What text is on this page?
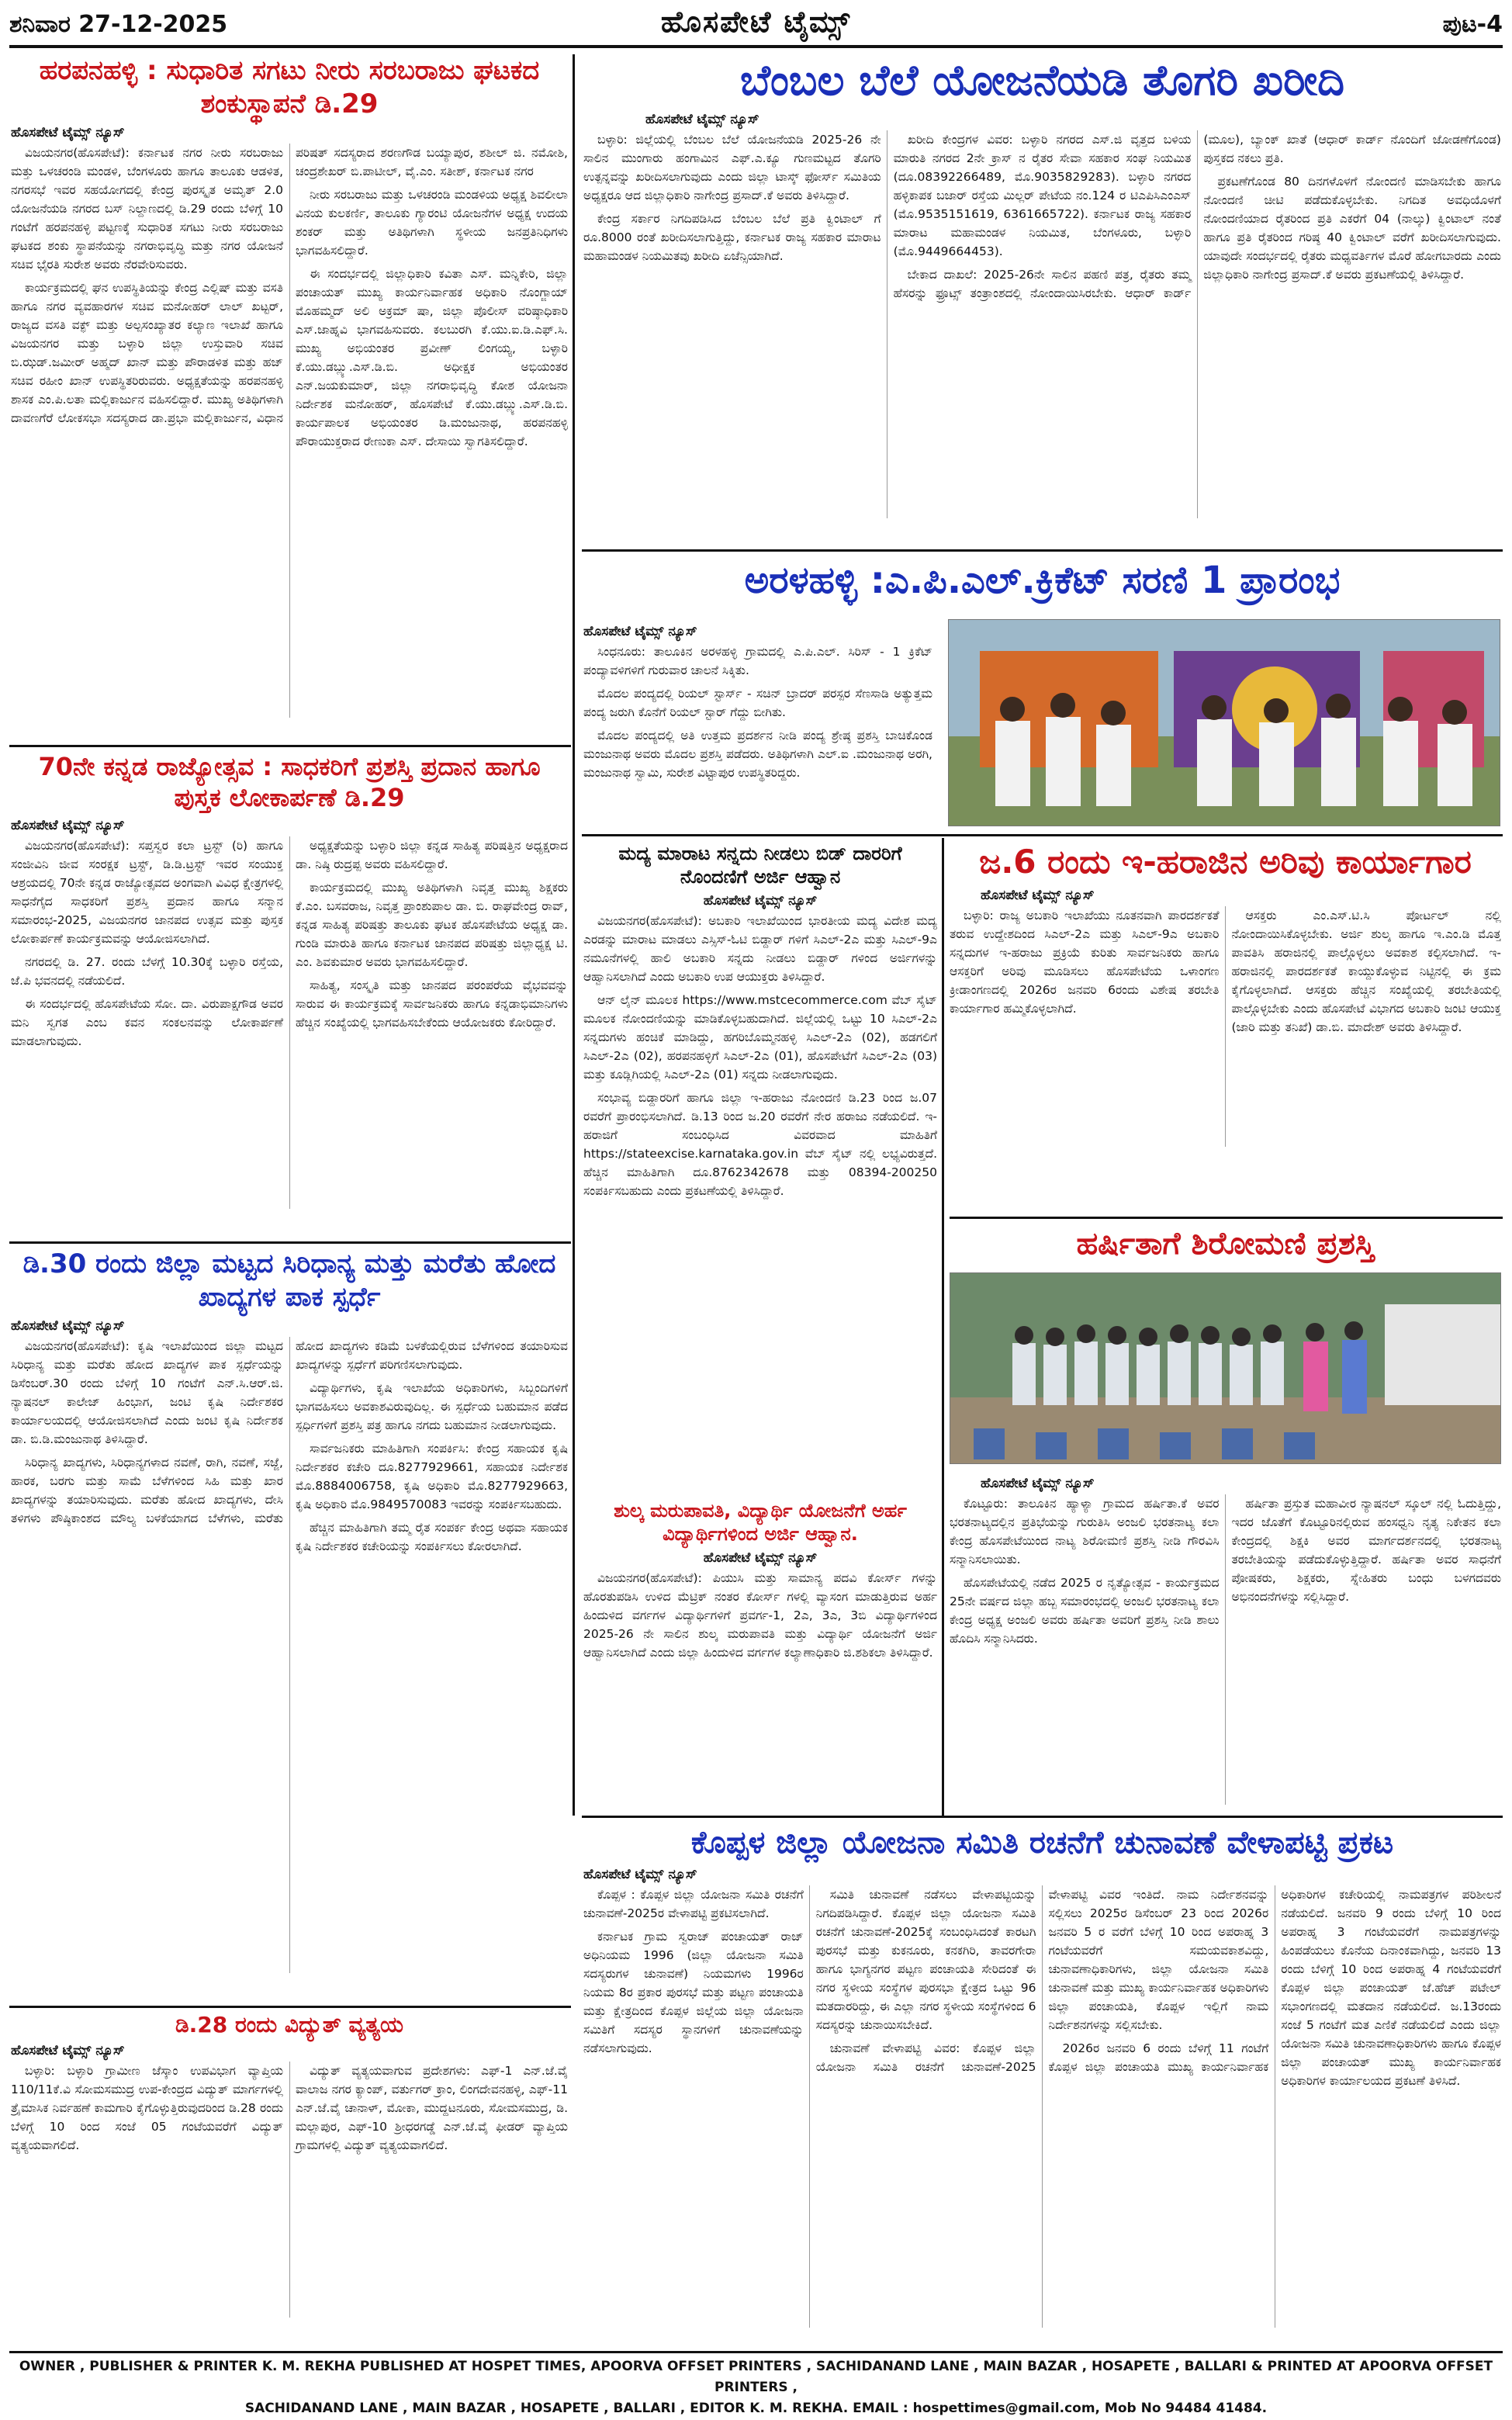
ಶನಿವಾರ 27-12-2025	ಹೊಸಪೇಟೆ ಟೈಮ್ಸ್	ಪುಟ-4
ಹರಪನಹಳ್ಳಿ : ಸುಧಾರಿತ ಸಗಟು ನೀರು ಸರಬರಾಜು ಘಟಕದ ಶಂಕುಸ್ಥಾಪನೆ ಡಿ.29
ಹೊಸಪೇಟೆ ಟೈಮ್ಸ್ ನ್ಯೂಸ್

ವಿಜಯನಗರ(ಹೊಸಪೇಟೆ): ಕರ್ನಾಟಕ ನಗರ ನೀರು ಸರಬರಾಜು ಮತ್ತು ಒಳಚರಂಡಿ ಮಂಡಳಿ, ಬೆಂಗಳೂರು ಹಾಗೂ ತಾಲೂಕು ಆಡಳಿತ, ನಗರಸಭೆ ಇವರ ಸಹಯೋಗದಲ್ಲಿ ಕೇಂದ್ರ ಪುರಸ್ಕೃತ ಅಮೃತ್ 2.0 ಯೋಜನೆಯಡಿ ನಗರದ ಬಸ್ ನಿಲ್ದಾಣದಲ್ಲಿ ಡಿ.29 ರಂದು ಬೆಳಿಗ್ಗೆ 10 ಗಂಟೆಗೆ ಹರಪನಹಳ್ಳಿ ಪಟ್ಟಣಕ್ಕೆ ಸುಧಾರಿತ ಸಗಟು ನೀರು ಸರಬರಾಜು ಘಟಕದ ಶಂಕು ಸ್ಥಾಪನೆಯನ್ನು ನಗರಾಭಿವೃದ್ಧಿ ಮತ್ತು ನಗರ ಯೋಜನೆ ಸಚಿವ ಭೈರತಿ ಸುರೇಶ ಅವರು ನೆರವೇರಿಸುವರು.

ಕಾರ್ಯಕ್ರಮದಲ್ಲಿ ಘನ ಉಪಸ್ಥಿತಿಯನ್ನು ಕೇಂದ್ರ ಎಲ್ಲಿಷ್ ಮತ್ತು ವಸತಿ ಹಾಗೂ ನಗರ ವ್ಯವಹಾರಗಳ ಸಚಿವ ಮನೋಹರ್ ಲಾಲ್ ಖಟ್ಟರ್, ರಾಜ್ಯದ ವಸತಿ ವಕ್ಫ್ ಮತ್ತು ಅಲ್ಪಸಂಖ್ಯಾತರ ಕಲ್ಯಾಣ ಇಲಾಖೆ ಹಾಗೂ ವಿಜಯನಗರ ಮತ್ತು ಬಳ್ಳಾರಿ ಜಿಲ್ಲಾ ಉಸ್ತುವಾರಿ ಸಚಿವ ಬಿ.ಝಡ್.ಜಮೀರ್ ಅಹ್ಮದ್ ಖಾನ್ ಮತ್ತು ಪೌರಾಡಳಿತ ಮತ್ತು ಹಜ್ ಸಚಿವ ರಹೀಂ ಖಾನ್ ಉಪಸ್ಥಿತರಿರುವರು. ಅಧ್ಯಕ್ಷತೆಯನ್ನು ಹರಪನಹಳ್ಳಿ ಶಾಸಕ ಎಂ.ಪಿ.ಲತಾ ಮಲ್ಲಿಕಾರ್ಜುನ ವಹಿಸಲಿದ್ದಾರೆ. ಮುಖ್ಯ ಅತಿಥಿಗಳಾಗಿ ದಾವಣಗೆರೆ ಲೋಕಸಭಾ ಸದಸ್ಯರಾದ ಡಾ.ಪ್ರಭಾ ಮಲ್ಲಿಕಾರ್ಜುನ, ವಿಧಾನ ಪರಿಷತ್ ಸದಸ್ಯರಾದ ಶರಣಗೌಡ ಬಯ್ಯಾಪುರ, ಶಶೀಲ್ ಜಿ. ನಮೋಶಿ, ಚಂದ್ರಶೇಖರ್ ಬಿ.ಪಾಟೀಲ್, ವೈ.ಎಂ. ಸತೀಶ್, ಕರ್ನಾಟಕ ನಗರ

ನೀರು ಸರಬರಾಜು ಮತ್ತು ಒಳಚರಂಡಿ ಮಂಡಳಿಯ ಅಧ್ಯಕ್ಷ ಶಿವಲೀಲಾ ವಿನಯ ಕುಲಕರ್ಣಿ, ತಾಲೂಕು ಗ್ಯಾರಂಟಿ ಯೋಜನೆಗಳ ಅಧ್ಯಕ್ಷ ಉದಯ ಶಂಕರ್ ಮತ್ತು ಅತಿಥಿಗಳಾಗಿ ಸ್ಥಳೀಯ ಜನಪ್ರತಿನಿಧಿಗಳು ಭಾಗವಹಿಸಲಿದ್ದಾರೆ.

ಈ ಸಂದರ್ಭದಲ್ಲಿ ಜಿಲ್ಲಾಧಿಕಾರಿ ಕವಿತಾ ಎಸ್. ಮನ್ನಿಕೇರಿ, ಜಿಲ್ಲಾ ಪಂಚಾಯತ್ ಮುಖ್ಯ ಕಾರ್ಯನಿರ್ವಾಹಕ ಅಧಿಕಾರಿ ನೊಂಗ್ಜಾಯ್ ಮೊಹಮ್ಮದ್ ಅಲಿ ಅಕ್ರಮ್ ಷಾ, ಜಿಲ್ಲಾ ಪೊಲೀಸ್ ವರಿಷ್ಠಾಧಿಕಾರಿ ಎಸ್.ಜಾಹ್ನವಿ ಭಾಗವಹಿಸುವರು. ಕಲಬುರಗಿ ಕೆ.ಯು.ಐ.ಡಿ.ಎಫ್.ಸಿ. ಮುಖ್ಯ ಅಭಿಯಂತರ ಪ್ರವೀಣ್ ಲಿಂಗಯ್ಯ, ಬಳ್ಳಾರಿ ಕೆ.ಯು.ಡಬ್ಲ್ಯು.ಎಸ್.ಡಿ.ಬಿ. ಅಧೀಕ್ಷಕ ಅಭಿಯಂತರ ಎನ್.ಜಯಕುಮಾರ್, ಜಿಲ್ಲಾ ನಗರಾಭಿವೃದ್ಧಿ ಕೋಶ ಯೋಜನಾ ನಿರ್ದೇಶಕ ಮನೋಹರ್, ಹೊಸಪೇಟೆ ಕೆ.ಯು.ಡಬ್ಲ್ಯು.ಎಸ್.ಡಿ.ಬಿ. ಕಾರ್ಯಪಾಲಕ ಅಭಿಯಂತರ ಡಿ.ಮಂಜುನಾಥ, ಹರಪನಹಳ್ಳಿ ಪೌರಾಯುಕ್ತರಾದ ರೇಣುಕಾ ಎಸ್. ದೇಸಾಯಿ ಸ್ವಾಗತಿಸಲಿದ್ದಾರೆ.

70ನೇ ಕನ್ನಡ ರಾಜ್ಯೋತ್ಸವ : ಸಾಧಕರಿಗೆ ಪ್ರಶಸ್ತಿ ಪ್ರದಾನ ಹಾಗೂ ಪುಸ್ತಕ ಲೋಕಾರ್ಪಣೆ ಡಿ.29
ಹೊಸಪೇಟೆ ಟೈಮ್ಸ್ ನ್ಯೂಸ್

ವಿಜಯನಗರ(ಹೊಸಪೇಟೆ): ಸಪ್ತಸ್ವರ ಕಲಾ ಟ್ರಸ್ಟ್ (ರಿ) ಹಾಗೂ ಸಂಜೀವಿನಿ ಜೀವ ಸಂರಕ್ಷಕ ಟ್ರಸ್ಟ್, ಡಿ.ಡಿ.ಟ್ರಸ್ಟ್ ಇವರ ಸಂಯುಕ್ತ ಆಶ್ರಯದಲ್ಲಿ 70ನೇ ಕನ್ನಡ ರಾಜ್ಯೋತ್ಸವದ ಅಂಗವಾಗಿ ವಿವಿಧ ಕ್ಷೇತ್ರಗಳಲ್ಲಿ ಸಾಧನೆಗೈದ ಸಾಧಕರಿಗೆ ಪ್ರಶಸ್ತಿ ಪ್ರದಾನ ಹಾಗೂ ಸನ್ಮಾನ ಸಮಾರಂಭ-2025, ವಿಜಯನಗರ ಜಾನಪದ ಉತ್ಸವ ಮತ್ತು ಪುಸ್ತಕ ಲೋಕಾರ್ಪಣೆ ಕಾರ್ಯಕ್ರಮವನ್ನು ಆಯೋಜಿಸಲಾಗಿದೆ.

ನಗರದಲ್ಲಿ ಡಿ. 27. ರಂದು ಬೆಳಗ್ಗೆ 10.30ಕ್ಕೆ ಬಳ್ಳಾರಿ ರಸ್ತೆಯ, ಜೆ.ಪಿ ಭವನದಲ್ಲಿ ನಡೆಯಲಿದೆ.

ಈ ಸಂದರ್ಭದಲ್ಲಿ ಹೊಸಪೇಟೆಯ ಸೋ. ದಾ. ವಿರುಪಾಕ್ಷಗೌಡ ಅವರ ಮನಿ ಸ್ವಗತ ಎಂಬ ಕವನ ಸಂಕಲನವನ್ನು ಲೋಕಾರ್ಪಣೆ ಮಾಡಲಾಗುವುದು.

ಅಧ್ಯಕ್ಷತೆಯನ್ನು ಬಳ್ಳಾರಿ ಜಿಲ್ಲಾ ಕನ್ನಡ ಸಾಹಿತ್ಯ ಪರಿಷತ್ತಿನ ಅಧ್ಯಕ್ಷರಾದ ಡಾ. ನಿಷ್ಠಿ ರುದ್ರಪ್ಪ ಅವರು ವಹಿಸಲಿದ್ದಾರೆ.

ಕಾರ್ಯಕ್ರಮದಲ್ಲಿ ಮುಖ್ಯ ಅತಿಥಿಗಳಾಗಿ ನಿವೃತ್ತ ಮುಖ್ಯ ಶಿಕ್ಷಕರು ಕೆ.ಎಂ. ಬಸವರಾಜ, ನಿವೃತ್ತ ಪ್ರಾಂಶುಪಾಲ ಡಾ. ಬಿ. ರಾಘವೇಂದ್ರ ರಾವ್, ಕನ್ನಡ ಸಾಹಿತ್ಯ ಪರಿಷತ್ತು ತಾಲೂಕು ಘಟಕ ಹೊಸಪೇಟೆಯ ಅಧ್ಯಕ್ಷ ಡಾ. ಗುಂಡಿ ಮಾರುತಿ ಹಾಗೂ ಕರ್ನಾಟಕ ಜಾನಪದ ಪರಿಷತ್ತು ಜಿಲ್ಲಾಧ್ಯಕ್ಷ ಟಿ. ಎಂ. ಶಿವಕುಮಾರ ಅವರು ಭಾಗವಹಿಸಲಿದ್ದಾರೆ.

ಸಾಹಿತ್ಯ, ಸಂಸ್ಕೃತಿ ಮತ್ತು ಜಾನಪದ ಪರಂಪರೆಯ ವೈಭವವನ್ನು ಸಾರುವ ಈ ಕಾರ್ಯಕ್ರಮಕ್ಕೆ ಸಾರ್ವಜನಿಕರು ಹಾಗೂ ಕನ್ನಡಾಭಿಮಾನಿಗಳು ಹೆಚ್ಚಿನ ಸಂಖ್ಯೆಯಲ್ಲಿ ಭಾಗವಹಿಸಬೇಕೆಂದು ಆಯೋಜಕರು ಕೋರಿದ್ದಾರೆ.

ಡಿ.30 ರಂದು ಜಿಲ್ಲಾ ಮಟ್ಟದ ಸಿರಿಧಾನ್ಯ ಮತ್ತು ಮರೆತು ಹೋದ ಖಾದ್ಯಗಳ ಪಾಕ ಸ್ಪರ್ಧೆ
ಹೊಸಪೇಟೆ ಟೈಮ್ಸ್ ನ್ಯೂಸ್

ವಿಜಯನಗರ(ಹೊಸಪೇಟೆ): ಕೃಷಿ ಇಲಾಖೆಯಿಂದ ಜಿಲ್ಲಾ ಮಟ್ಟದ ಸಿರಿಧಾನ್ಯ ಮತ್ತು ಮರೆತು ಹೋದ ಖಾದ್ಯಗಳ ಪಾಕ ಸ್ಪರ್ಧೆಯನ್ನು ಡಿಸೆಂಬರ್.30 ರಂದು ಬೆಳಿಗ್ಗೆ 10 ಗಂಟೆಗೆ ಎನ್.ಸಿ.ಆರ್.ಜಿ. ನ್ಯಾಷನಲ್ ಕಾಲೇಜ್ ಹಿಂಭಾಗ, ಜಂಟಿ ಕೃಷಿ ನಿರ್ದೇಶಕರ ಕಾರ್ಯಾಲಯದಲ್ಲಿ ಆಯೋಜಿಸಲಾಗಿದೆ ಎಂದು ಜಂಟಿ ಕೃಷಿ ನಿರ್ದೇಶಕ ಡಾ. ಬಿ.ಡಿ.ಮಂಜುನಾಥ ತಿಳಿಸಿದ್ದಾರೆ.

ಸಿರಿಧಾನ್ಯ ಖಾದ್ಯಗಳು, ಸಿರಿಧಾನ್ಯಗಳಾದ ನವಣೆ, ರಾಗಿ, ನವಣೆ, ಸಜ್ಜೆ, ಹಾರಕ, ಬರಗು ಮತ್ತು ಸಾಮೆ ಬೆಳೆಗಳಿಂದ ಸಿಹಿ ಮತ್ತು ಖಾರ ಖಾದ್ಯಗಳನ್ನು ತಯಾರಿಸುವುದು. ಮರೆತು ಹೋದ ಖಾದ್ಯಗಳು, ದೇಸಿ ತಳಿಗಳು ಪೌಷ್ಠಿಕಾಂಶದ ಮೌಲ್ಯ ಬಳಕೆಯಾಗದ ಬೆಳೆಗಳು, ಮರೆತು ಹೋದ ಖಾದ್ಯಗಳು ಕಡಿಮೆ ಬಳಕೆಯಲ್ಲಿರುವ ಬೆಳೆಗಳಿಂದ ತಯಾರಿಸುವ ಖಾದ್ಯಗಳನ್ನು ಸ್ಪರ್ಧೆಗೆ ಪರಿಗಣಿಸಲಾಗುವುದು.

ವಿದ್ಯಾರ್ಥಿಗಳು, ಕೃಷಿ ಇಲಾಖೆಯ ಅಧಿಕಾರಿಗಳು, ಸಿಬ್ಬಂದಿಗಳಿಗೆ ಭಾಗವಹಿಸಲು ಅವಕಾಶವಿರುವುದಿಲ್ಲ. ಈ ಸ್ಪರ್ಧೆಯ ಬಹುಮಾನ ಪಡೆದ ಸ್ಪರ್ಧಿಗಳಿಗೆ ಪ್ರಶಸ್ತಿ ಪತ್ರ ಹಾಗೂ ನಗದು ಬಹುಮಾನ ನೀಡಲಾಗುವುದು.

ಸಾರ್ವಜನಿಕರು ಮಾಹಿತಿಗಾಗಿ ಸಂಪರ್ಕಿಸಿ: ಕೇಂದ್ರ ಸಹಾಯಕ ಕೃಷಿ ನಿರ್ದೇಶಕರ ಕಚೇರಿ ದೂ.8277929661, ಸಹಾಯಕ ನಿರ್ದೇಶಕ ಮೊ.8884006758, ಕೃಷಿ ಅಧಿಕಾರಿ ಮೊ.8277929663, ಕೃಷಿ ಅಧಿಕಾರಿ ಮೊ.9849570083 ಇವರನ್ನು ಸಂಪರ್ಕಿಸಬಹುದು.

ಹೆಚ್ಚಿನ ಮಾಹಿತಿಗಾಗಿ ತಮ್ಮ ರೈತ ಸಂಪರ್ಕ ಕೇಂದ್ರ ಅಥವಾ ಸಹಾಯಕ ಕೃಷಿ ನಿರ್ದೇಶಕರ ಕಚೇರಿಯನ್ನು ಸಂಪರ್ಕಿಸಲು ಕೋರಲಾಗಿದೆ.

ಡಿ.28 ರಂದು ವಿದ್ಯುತ್ ವ್ಯತ್ಯಯ
ಹೊಸಪೇಟೆ ಟೈಮ್ಸ್ ನ್ಯೂಸ್

ಬಳ್ಳಾರಿ: ಬಳ್ಳಾರಿ ಗ್ರಾಮೀಣ ಜೆಸ್ಕಾಂ ಉಪವಿಭಾಗ ವ್ಯಾಪ್ತಿಯ 110/11ಕೆ.ವಿ ಸೋಮಸಮುದ್ರ ಉಪ-ಕೇಂದ್ರದ ವಿದ್ಯುತ್ ಮಾರ್ಗಗಳಲ್ಲಿ ತ್ರೈಮಾಸಿಕ ನಿರ್ವಹಣೆ ಕಾಮಗಾರಿ ಕೈಗೊಳ್ಳುತ್ತಿರುವುದರಿಂದ ಡಿ.28 ರಂದು ಬೆಳಿಗ್ಗೆ 10 ರಿಂದ ಸಂಜೆ 05 ಗಂಟೆಯವರೆಗೆ ವಿದ್ಯುತ್ ವ್ಯತ್ಯಯವಾಗಲಿದೆ.

ವಿದ್ಯುತ್ ವ್ಯತ್ಯಯವಾಗುವ ಪ್ರದೇಶಗಳು: ಎಫ್-1 ಎನ್.ಜೆ.ವೈ ವಾಲಾಜ ನಗರ ಕ್ಯಾಂಪ್, ವರ್ತುಗರ್ ಕ್ರಾಂ, ಲಿಂಗದೇವನಹಳ್ಳಿ, ಎಫ್-11 ಎನ್.ಜೆ.ವೈ ಚಾನಾಳ್, ಮೋಕಾ, ಮುದ್ದಟನೂರು, ಸೋಮಸಮುದ್ರ, ಡಿ. ಮಲ್ಲಾಪುರ, ಎಫ್-10 ಶ್ರೀಧರಗಡ್ಡೆ ಎನ್.ಜೆ.ವೈ ಫೀಡರ್ ವ್ಯಾಪ್ತಿಯ ಗ್ರಾಮಗಳಲ್ಲಿ ವಿದ್ಯುತ್ ವ್ಯತ್ಯಯವಾಗಲಿದೆ.

ಬೆಂಬಲ ಬೆಲೆ ಯೋಜನೆಯಡಿ ತೊಗರಿ ಖರೀದಿ
ಹೊಸಪೇಟೆ ಟೈಮ್ಸ್ ನ್ಯೂಸ್

ಬಳ್ಳಾರಿ: ಜಿಲ್ಲೆಯಲ್ಲಿ ಬೆಂಬಲ ಬೆಲೆ ಯೋಜನೆಯಡಿ 2025-26 ನೇ ಸಾಲಿನ ಮುಂಗಾರು ಹಂಗಾಮಿನ ಎಫ್.ಎ.ಕ್ಯೂ ಗುಣಮಟ್ಟದ ತೊಗರಿ ಉತ್ಪನ್ನವನ್ನು ಖರೀದಿಸಲಾಗುವುದು ಎಂದು ಜಿಲ್ಲಾ ಟಾಸ್ಕ್ ಫೋರ್ಸ್ ಸಮಿತಿಯ ಅಧ್ಯಕ್ಷರೂ ಆದ ಜಿಲ್ಲಾಧಿಕಾರಿ ನಾಗೇಂದ್ರ ಪ್ರಸಾದ್.ಕೆ ಅವರು ತಿಳಿಸಿದ್ದಾರೆ.

ಕೇಂದ್ರ ಸರ್ಕಾರ ನಿಗದಿಪಡಿಸಿದ ಬೆಂಬಲ ಬೆಲೆ ಪ್ರತಿ ಕ್ವಿಂಟಾಲ್ ಗೆ ರೂ.8000 ರಂತೆ ಖರೀದಿಸಲಾಗುತ್ತಿದ್ದು, ಕರ್ನಾಟಕ ರಾಜ್ಯ ಸಹಕಾರ ಮಾರಾಟ ಮಹಾಮಂಡಳ ನಿಯಮಿತವು ಖರೀದಿ ಏಜೆನ್ಸಿಯಾಗಿದೆ.

ಖರೀದಿ ಕೇಂದ್ರಗಳ ವಿವರ: ಬಳ್ಳಾರಿ ನಗರದ ಎಸ್.ಜಿ ವೃತ್ತದ ಬಳಿಯ ಮಾರುತಿ ನಗರದ 2ನೇ ಕ್ರಾಸ್ ನ ರೈತರ ಸೇವಾ ಸಹಕಾರ ಸಂಘ ನಿಯಮಿತ (ದೂ.08392266489, ಮೊ.9035829283). ಬಳ್ಳಾರಿ ನಗರದ ಹಳ್ಳಿಕಾಪಕ ಬಜಾರ್ ರಸ್ತೆಯ ಮಿಲ್ಲರ್ ಪೇಟೆಯ ನಂ.124 ರ ಟಿಎಪಿಸಿಎಂಎಸ್ (ಮೊ.9535151619, 6361665722). ಕರ್ನಾಟಕ ರಾಜ್ಯ ಸಹಕಾರ ಮಾರಾಟ ಮಹಾಮಂಡಳ ನಿಯಮಿತ, ಬೆಂಗಳೂರು, ಬಳ್ಳಾರಿ (ಮೊ.9449664453).

ಬೇಕಾದ ದಾಖಲೆ: 2025-26ನೇ ಸಾಲಿನ ಪಹಣಿ ಪತ್ರ, ರೈತರು ತಮ್ಮ ಹೆಸರನ್ನು ಫ್ರೂಟ್ಸ್ ತಂತ್ರಾಂಶದಲ್ಲಿ ನೋಂದಾಯಿಸಿರಬೇಕು. ಆಧಾರ್ ಕಾರ್ಡ್ (ಮೂಲ), ಬ್ಯಾಂಕ್ ಖಾತೆ (ಆಧಾರ್ ಕಾರ್ಡ್ ನೊಂದಿಗೆ ಜೋಡಣೆಗೊಂಡ) ಪುಸ್ತಕದ ನಕಲು ಪ್ರತಿ.

ಪ್ರಕಟಣೆಗೊಂಡ 80 ದಿನಗಳೊಳಗೆ ನೋಂದಣಿ ಮಾಡಿಸಬೇಕು ಹಾಗೂ ನೋಂದಣಿ ಚೀಟಿ ಪಡೆದುಕೊಳ್ಳಬೇಕು. ನಿಗದಿತ ಅವಧಿಯೊಳಗೆ ನೋಂದಣಿಯಾದ ರೈತರಿಂದ ಪ್ರತಿ ಎಕರೆಗೆ 04 (ನಾಲ್ಕು) ಕ್ವಿಂಟಾಲ್ ನಂತೆ ಹಾಗೂ ಪ್ರತಿ ರೈತರಿಂದ ಗರಿಷ್ಠ 40 ಕ್ವಿಂಟಾಲ್ ವರೆಗೆ ಖರೀದಿಸಲಾಗುವುದು. ಯಾವುದೇ ಸಂದರ್ಭದಲ್ಲಿ ರೈತರು ಮಧ್ಯವರ್ತಿಗಳ ಮೊರೆ ಹೋಗಬಾರದು ಎಂದು ಜಿಲ್ಲಾಧಿಕಾರಿ ನಾಗೇಂದ್ರ ಪ್ರಸಾದ್.ಕೆ ಅವರು ಪ್ರಕಟಣೆಯಲ್ಲಿ ತಿಳಿಸಿದ್ದಾರೆ.

ಅರಳಹಳ್ಳಿ :ಎ.ಪಿ.ಎಲ್.ಕ್ರಿಕೆಟ್ ಸರಣಿ 1 ಪ್ರಾರಂಭ
ಹೊಸಪೇಟೆ ಟೈಮ್ಸ್ ನ್ಯೂಸ್

ಸಿಂಧನೂರು: ತಾಲೂಕಿನ ಅರಳಹಳ್ಳಿ ಗ್ರಾಮದಲ್ಲಿ ಎ.ಪಿ.ಎಲ್. ಸಿರಿಸ್ - 1 ಕ್ರಿಕೆಟ್ ಪಂದ್ಯಾವಳಿಗಳಿಗೆ ಗುರುವಾರ ಚಾಲನೆ ಸಿಕ್ಕಿತು.

ಮೊದಲ ಪಂದ್ಯದಲ್ಲಿ ರಿಯಲ್ ಸ್ಟಾರ್ಸ್ - ಸಚಿನ್ ಬ್ರಾದರ್ ಪರಸ್ಪರ ಸೆಣಸಾಡಿ ಅತ್ಯುತ್ತಮ ಪಂದ್ಯ ಜರುಗಿ ಕೊನೆಗೆ ರಿಯಲ್ ಸ್ಟಾರ್ ಗೆದ್ದು ಬೀಗಿತು.

ಮೊದಲ ಪಂದ್ಯದಲ್ಲಿ ಅತಿ ಉತ್ತಮ ಪ್ರದರ್ಶನ ನೀಡಿ ಪಂದ್ಯ ಶ್ರೇಷ್ಠ ಪ್ರಶಸ್ತಿ ಬಾಚಿಕೊಂಡ ಮಂಜುನಾಥ ಅವರು ಮೊದಲ ಪ್ರಶಸ್ತಿ ಪಡೆದರು. ಅತಿಥಿಗಳಾಗಿ ಎಲ್.ಐ .ಮಂಜುನಾಥ ಅರಗಿ, ಮಂಜುನಾಥ ಸ್ವಾಮಿ, ಸುರೇಶ ವಿಟ್ಟಾಪುರ ಉಪಸ್ಥಿತರಿದ್ದರು.

ಮದ್ಯ ಮಾರಾಟ ಸನ್ನದು ನೀಡಲು ಬಿಡ್ ದಾರರಿಗೆ ನೊಂದಣಿಗೆ ಅರ್ಜಿ ಆಹ್ವಾನ
ಹೊಸಪೇಟೆ ಟೈಮ್ಸ್ ನ್ಯೂಸ್

ವಿಜಯನಗರ(ಹೊಸಪೇಟೆ): ಅಬಕಾರಿ ಇಲಾಖೆಯಿಂದ ಭಾರತೀಯ ಮದ್ಯ ವಿದೇಶ ಮದ್ಯ ಎರಡನ್ನು ಮಾರಾಟ ಮಾಡಲು ಎಸ್ಸಿಸ್-ಓಟಿ ಬಿಡ್ದಾರ್ ಗಳಿಗೆ ಸಿಎಲ್-2ಎ ಮತ್ತು ಸಿಎಲ್-9ಎ ನಮೂನೆಗಳಲ್ಲಿ ಹಾಲಿ ಅಬಕಾರಿ ಸನ್ನದು ನೀಡಲು ಬಿಡ್ದಾರ್ ಗಳಿಂದ ಅರ್ಜಿಗಳನ್ನು ಆಹ್ವಾನಿಸಲಾಗಿದೆ ಎಂದು ಅಬಕಾರಿ ಉಪ ಆಯುಕ್ತರು ತಿಳಿಸಿದ್ದಾರೆ.

ಆನ್ ಲೈನ್ ಮೂಲಕ https://www.mstcecommerce.com ವೆಬ್ ಸೈಟ್ ಮೂಲಕ ನೋಂದಣಿಯನ್ನು ಮಾಡಿಕೊಳ್ಳಬಹುದಾಗಿದೆ. ಜಿಲ್ಲೆಯಲ್ಲಿ ಒಟ್ಟು 10 ಸಿಎಲ್-2ಎ ಸನ್ನದುಗಳು ಹಂಚಿಕೆ ಮಾಡಿದ್ದು, ಹಗರಿಬೊಮ್ಮನಹಳ್ಳಿ ಸಿಎಲ್-2ಎ (02), ಹಡಗಲಿಗೆ ಸಿಎಲ್-2ಎ (02), ಹರಪನಹಳ್ಳಿಗೆ ಸಿಎಲ್-2ಎ (01), ಹೊಸಪೇಟೆಗೆ ಸಿಎಲ್-2ಎ (03) ಮತ್ತು ಕೂಡ್ಲಿಗಿಯಲ್ಲಿ ಸಿಎಲ್-2ಎ (01) ಸನ್ನದು ನೀಡಲಾಗುವುದು.

ಸಂಭಾವ್ಯ ಬಿಡ್ದಾರರಿಗೆ ಹಾಗೂ ಜಿಲ್ಲಾ ಇ-ಹರಾಜು ನೋಂದಣಿ ಡಿ.23 ರಿಂದ ಜ.07 ರವರೆಗೆ ಪ್ರಾರಂಭಿಸಲಾಗಿದೆ. ಡಿ.13 ರಿಂದ ಜ.20 ರವರೆಗೆ ನೇರ ಹರಾಜು ನಡೆಯಲಿದೆ. ಇ-ಹರಾಜಿಗೆ ಸಂಬಂಧಿಸಿದ ವಿವರವಾದ ಮಾಹಿತಿಗೆ https://stateexcise.karnataka.gov.in ವೆಬ್ ಸೈಟ್ ನಲ್ಲಿ ಲಭ್ಯವಿರುತ್ತದೆ. ಹೆಚ್ಚಿನ ಮಾಹಿತಿಗಾಗಿ ದೂ.8762342678 ಮತ್ತು 08394-200250 ಸಂಪರ್ಕಿಸಬಹುದು ಎಂದು ಪ್ರಕಟಣೆಯಲ್ಲಿ ತಿಳಿಸಿದ್ದಾರೆ.

ಶುಲ್ಕ ಮರುಪಾವತಿ, ವಿದ್ಯಾರ್ಥಿ ಯೋಜನೆಗೆ ಅರ್ಹ ವಿದ್ಯಾರ್ಥಿಗಳಿಂದ ಅರ್ಜಿ ಆಹ್ವಾನ.
ಹೊಸಪೇಟೆ ಟೈಮ್ಸ್ ನ್ಯೂಸ್

ವಿಜಯನಗರ(ಹೊಸಪೇಟೆ): ಪಿಯುಸಿ ಮತ್ತು ಸಾಮಾನ್ಯ ಪದವಿ ಕೋರ್ಸ್ ಗಳನ್ನು ಹೊರತುಪಡಿಸಿ ಉಳಿದ ಮೆಟ್ರಿಕ್ ನಂತರ ಕೋರ್ಸ್ ಗಳಲ್ಲಿ ವ್ಯಾಸಂಗ ಮಾಡುತ್ತಿರುವ ಅರ್ಹ ಹಿಂದುಳಿದ ವರ್ಗಗಳ ವಿದ್ಯಾರ್ಥಿಗಳಿಗೆ ಪ್ರವರ್ಗ-1, 2ಎ, 3ಎ, 3ಬಿ ವಿದ್ಯಾರ್ಥಿಗಳಿಂದ 2025-26 ನೇ ಸಾಲಿನ ಶುಲ್ಕ ಮರುಪಾವತಿ ಮತ್ತು ವಿದ್ಯಾರ್ಥಿ ಯೋಜನೆಗೆ ಅರ್ಜಿ ಆಹ್ವಾನಿಸಲಾಗಿದೆ ಎಂದು ಜಿಲ್ಲಾ ಹಿಂದುಳಿದ ವರ್ಗಗಳ ಕಲ್ಯಾಣಾಧಿಕಾರಿ ಜಿ.ಶಶಿಕಲಾ ತಿಳಿಸಿದ್ದಾರೆ.

ಜ.6 ರಂದು ಇ-ಹರಾಜಿನ ಅರಿವು ಕಾರ್ಯಾಗಾರ
ಹೊಸಪೇಟೆ ಟೈಮ್ಸ್ ನ್ಯೂಸ್

ಬಳ್ಳಾರಿ: ರಾಜ್ಯ ಅಬಕಾರಿ ಇಲಾಖೆಯು ನೂತನವಾಗಿ ಪಾರದರ್ಶಕತೆ ತರುವ ಉದ್ದೇಶದಿಂದ ಸಿಎಲ್-2ಎ ಮತ್ತು ಸಿಎಲ್-9ಎ ಅಬಕಾರಿ ಸನ್ನದುಗಳ ಇ-ಹರಾಜು ಪ್ರಕ್ರಿಯೆ ಕುರಿತು ಸಾರ್ವಜನಿಕರು ಹಾಗೂ ಆಸಕ್ತರಿಗೆ ಅರಿವು ಮೂಡಿಸಲು ಹೊಸಪೇಟೆಯ ಒಳಾಂಗಣ ಕ್ರೀಡಾಂಗಣದಲ್ಲಿ 2026ರ ಜನವರಿ 6ರಂದು ವಿಶೇಷ ತರಬೇತಿ ಕಾರ್ಯಾಗಾರ ಹಮ್ಮಿಕೊಳ್ಳಲಾಗಿದೆ.

ಆಸಕ್ತರು ಎಂ.ಎಸ್.ಟಿ.ಸಿ ಪೋರ್ಟಲ್ ನಲ್ಲಿ ನೋಂದಾಯಿಸಿಕೊಳ್ಳಬೇಕು. ಅರ್ಜಿ ಶುಲ್ಕ ಹಾಗೂ ಇ.ಎಂ.ಡಿ ಮೊತ್ತ ಪಾವತಿಸಿ ಹರಾಜಿನಲ್ಲಿ ಪಾಲ್ಗೊಳ್ಳಲು ಅವಕಾಶ ಕಲ್ಪಿಸಲಾಗಿದೆ. ಇ-ಹರಾಜಿನಲ್ಲಿ ಪಾರದರ್ಶಕತೆ ಕಾಯ್ದುಕೊಳ್ಳುವ ನಿಟ್ಟಿನಲ್ಲಿ ಈ ಕ್ರಮ ಕೈಗೊಳ್ಳಲಾಗಿದೆ. ಆಸಕ್ತರು ಹೆಚ್ಚಿನ ಸಂಖ್ಯೆಯಲ್ಲಿ ತರಬೇತಿಯಲ್ಲಿ ಪಾಲ್ಗೊಳ್ಳಬೇಕು ಎಂದು ಹೊಸಪೇಟೆ ವಿಭಾಗದ ಅಬಕಾರಿ ಜಂಟಿ ಆಯುಕ್ತ (ಜಾರಿ ಮತ್ತು ತನಿಖೆ) ಡಾ.ಬಿ. ಮಾದೇಶ್ ಅವರು ತಿಳಿಸಿದ್ದಾರೆ.

ಹರ್ಷಿತಾಗೆ ಶಿರೋಮಣಿ ಪ್ರಶಸ್ತಿ
ಹೊಸಪೇಟೆ ಟೈಮ್ಸ್ ನ್ಯೂಸ್

ಕೊಟ್ಟೂರು: ತಾಲೂಕಿನ ಹ್ಯಾಳ್ಯಾ ಗ್ರಾಮದ ಹರ್ಷಿತಾ.ಕೆ ಅವರ ಭರತನಾಟ್ಯದಲ್ಲಿನ ಪ್ರತಿಭೆಯನ್ನು ಗುರುತಿಸಿ ಅಂಜಲಿ ಭರತನಾಟ್ಯ ಕಲಾ ಕೇಂದ್ರ ಹೊಸಪೇಟೆಯಿಂದ ನಾಟ್ಯ ಶಿರೋಮಣಿ ಪ್ರಶಸ್ತಿ ನೀಡಿ ಗೌರವಿಸಿ ಸನ್ಮಾನಿಸಲಾಯಿತು.

ಹೊಸಪೇಟೆಯಲ್ಲಿ ನಡೆದ 2025 ರ ನೃತ್ಯೋತ್ಸವ - ಕಾರ್ಯಕ್ರಮದ 25ನೇ ವರ್ಷದ ಜಿಲ್ಲಾ ಹಬ್ಬ ಸಮಾರಂಭದಲ್ಲಿ ಅಂಜಲಿ ಭರತನಾಟ್ಯ ಕಲಾ ಕೇಂದ್ರ ಅಧ್ಯಕ್ಷ ಅಂಜಲಿ ಅವರು ಹರ್ಷಿತಾ ಅವರಿಗೆ ಪ್ರಶಸ್ತಿ ನೀಡಿ ಶಾಲು ಹೊದಿಸಿ ಸನ್ಮಾನಿಸಿದರು.

ಹರ್ಷಿತಾ ಪ್ರಸ್ತುತ ಮಹಾವೀರ ನ್ಯಾಷನಲ್ ಸ್ಕೂಲ್ ನಲ್ಲಿ ಓದುತ್ತಿದ್ದು, ಇದರ ಜೊತೆಗೆ ಕೊಟ್ಟೂರಿನಲ್ಲಿರುವ ಹಂಸಧ್ವನಿ ನೃತ್ಯ ನಿಕೇತನ ಕಲಾ ಕೇಂದ್ರದಲ್ಲಿ ಶಿಕ್ಷಕಿ ಅವರ ಮಾರ್ಗದರ್ಶನದಲ್ಲಿ ಭರತನಾಟ್ಯ ತರಬೇತಿಯನ್ನು ಪಡೆದುಕೊಳ್ಳುತ್ತಿದ್ದಾರೆ. ಹರ್ಷಿತಾ ಅವರ ಸಾಧನೆಗೆ ಪೋಷಕರು, ಶಿಕ್ಷಕರು, ಸ್ನೇಹಿತರು ಬಂಧು ಬಳಗದವರು ಅಭಿನಂದನೆಗಳನ್ನು ಸಲ್ಲಿಸಿದ್ದಾರೆ.

ಕೊಪ್ಪಳ ಜಿಲ್ಲಾ ಯೋಜನಾ ಸಮಿತಿ ರಚನೆಗೆ ಚುನಾವಣೆ ವೇಳಾಪಟ್ಟಿ ಪ್ರಕಟ
ಹೊಸಪೇಟೆ ಟೈಮ್ಸ್ ನ್ಯೂಸ್

ಕೊಪ್ಪಳ : ಕೊಪ್ಪಳ ಜಿಲ್ಲಾ ಯೋಜನಾ ಸಮಿತಿ ರಚನೆಗೆ ಚುನಾವಣೆ-2025ರ ವೇಳಾಪಟ್ಟಿ ಪ್ರಕಟಿಸಲಾಗಿದೆ.

ಕರ್ನಾಟಕ ಗ್ರಾಮ ಸ್ವರಾಜ್ ಪಂಚಾಯತ್ ರಾಜ್ ಅಧಿನಿಯಮ 1996 (ಜಿಲ್ಲಾ ಯೋಜನಾ ಸಮಿತಿ ಸದಸ್ಯರುಗಳ ಚುನಾವಣೆ) ನಿಯಮಗಳು 1996ರ ನಿಯಮ 8ರ ಪ್ರಕಾರ ಪುರಸಭೆ ಮತ್ತು ಪಟ್ಟಣ ಪಂಚಾಯತಿ ಮತ್ತು ಕ್ಷೇತ್ರದಿಂದ ಕೊಪ್ಪಳ ಜಿಲ್ಲೆಯ ಜಿಲ್ಲಾ ಯೋಜನಾ ಸಮಿತಿಗೆ ಸದಸ್ಯರ ಸ್ಥಾನಗಳಿಗೆ ಚುನಾವಣೆಯನ್ನು ನಡೆಸಲಾಗುವುದು.

ಸಮಿತಿ ಚುನಾವಣೆ ನಡೆಸಲು ವೇಳಾಪಟ್ಟಿಯನ್ನು ನಿಗದಿಪಡಿಸಿದ್ದಾರೆ. ಕೊಪ್ಪಳ ಜಿಲ್ಲಾ ಯೋಜನಾ ಸಮಿತಿ ರಚನೆಗೆ ಚುನಾವಣೆ-2025ಕ್ಕೆ ಸಂಬಂಧಿಸಿದಂತೆ ಕಾರಟಗಿ ಪುರಸಭೆ ಮತ್ತು ಕುಕನೂರು, ಕನಕಗಿರಿ, ತಾವರಗೇರಾ ಹಾಗೂ ಭಾಗ್ಯನಗರ ಪಟ್ಟಣ ಪಂಚಾಯತಿ ಸೇರಿದಂತೆ ಈ ನಗರ ಸ್ಥಳೀಯ ಸಂಸ್ಥೆಗಳ ಪುರಸಭಾ ಕ್ಷೇತ್ರದ ಒಟ್ಟು 96 ಮತದಾರರಿದ್ದು, ಈ ಎಲ್ಲಾ ನಗರ ಸ್ಥಳೀಯ ಸಂಸ್ಥೆಗಳಿಂದ 6 ಸದಸ್ಯರನ್ನು ಚುನಾಯಿಸಬೇಕಿದೆ.

ಚುನಾವಣೆ ವೇಳಾಪಟ್ಟಿ ವಿವರ: ಕೊಪ್ಪಳ ಜಿಲ್ಲಾ ಯೋಜನಾ ಸಮಿತಿ ರಚನೆಗೆ ಚುನಾವಣೆ-2025 ವೇಳಾಪಟ್ಟಿ ವಿವರ ಇಂತಿದೆ. ನಾಮ ನಿರ್ದೇಶನವನ್ನು ಸಲ್ಲಿಸಲು 2025ರ ಡಿಸೆಂಬರ್ 23 ರಿಂದ 2026ರ ಜನವರಿ 5 ರ ವರೆಗೆ ಬೆಳಿಗ್ಗೆ 10 ರಿಂದ ಅಪರಾಹ್ನ 3 ಗಂಟೆಯವರೆಗೆ ಸಮಯವಕಾಶವಿದ್ದು, ಚುನಾವಣಾಧಿಕಾರಿಗಳು, ಜಿಲ್ಲಾ ಯೋಜನಾ ಸಮಿತಿ ಚುನಾವಣೆ ಮತ್ತು ಮುಖ್ಯ ಕಾರ್ಯನಿರ್ವಾಹಕ ಅಧಿಕಾರಿಗಳು ಜಿಲ್ಲಾ ಪಂಚಾಯತಿ, ಕೊಪ್ಪಳ ಇಲ್ಲಿಗೆ ನಾಮ ನಿರ್ದೇಶನಗಳನ್ನು ಸಲ್ಲಿಸಬೇಕು.

2026ರ ಜನವರಿ 6 ರಂದು ಬೆಳಿಗ್ಗೆ 11 ಗಂಟೆಗೆ ಕೊಪ್ಪಳ ಜಿಲ್ಲಾ ಪಂಚಾಯತಿ ಮುಖ್ಯ ಕಾರ್ಯನಿರ್ವಾಹಕ ಅಧಿಕಾರಿಗಳ ಕಚೇರಿಯಲ್ಲಿ ನಾಮಪತ್ರಗಳ ಪರಿಶೀಲನೆ ನಡೆಯಲಿದೆ. ಜನವರಿ 9 ರಂದು ಬೆಳಿಗ್ಗೆ 10 ರಿಂದ ಅಪರಾಹ್ನ 3 ಗಂಟೆಯವರೆಗೆ ನಾಮಪತ್ರಗಳನ್ನು ಹಿಂಪಡೆಯಲು ಕೊನೆಯ ದಿನಾಂಕವಾಗಿದ್ದು, ಜನವರಿ 13 ರಂದು ಬೆಳಿಗ್ಗೆ 10 ರಿಂದ ಅಪರಾಹ್ನ 4 ಗಂಟೆಯವರೆಗೆ ಕೊಪ್ಪಳ ಜಿಲ್ಲಾ ಪಂಚಾಯತ್ ಜೆ.ಹೆಚ್ ಪಟೇಲ್ ಸಭಾಂಗಣದಲ್ಲಿ ಮತದಾನ ನಡೆಯಲಿದೆ. ಜ.13ರಂದು ಸಂಜೆ 5 ಗಂಟೆಗೆ ಮತ ಎಣಿಕೆ ನಡೆಯಲಿದೆ ಎಂದು ಜಿಲ್ಲಾ ಯೋಜನಾ ಸಮಿತಿ ಚುನಾವಣಾಧಿಕಾರಿಗಳು ಹಾಗೂ ಕೊಪ್ಪಳ ಜಿಲ್ಲಾ ಪಂಚಾಯತ್ ಮುಖ್ಯ ಕಾರ್ಯನಿರ್ವಾಹಕ ಅಧಿಕಾರಿಗಳ ಕಾರ್ಯಾಲಯದ ಪ್ರಕಟಣೆ ತಿಳಿಸಿದೆ.

OWNER , PUBLISHER & PRINTER K. M. REKHA PUBLISHED AT HOSPET TIMES, APOORVA OFFSET PRINTERS , SACHIDANAND LANE , MAIN BAZAR , HOSAPETE , BALLARI & PRINTED AT APOORVA OFFSET PRINTERS ,
SACHIDANAND LANE , MAIN BAZAR , HOSAPETE , BALLARI , EDITOR K. M. REKHA. EMAIL : hospettimes@gmail.com, Mob No 94484 41484.
